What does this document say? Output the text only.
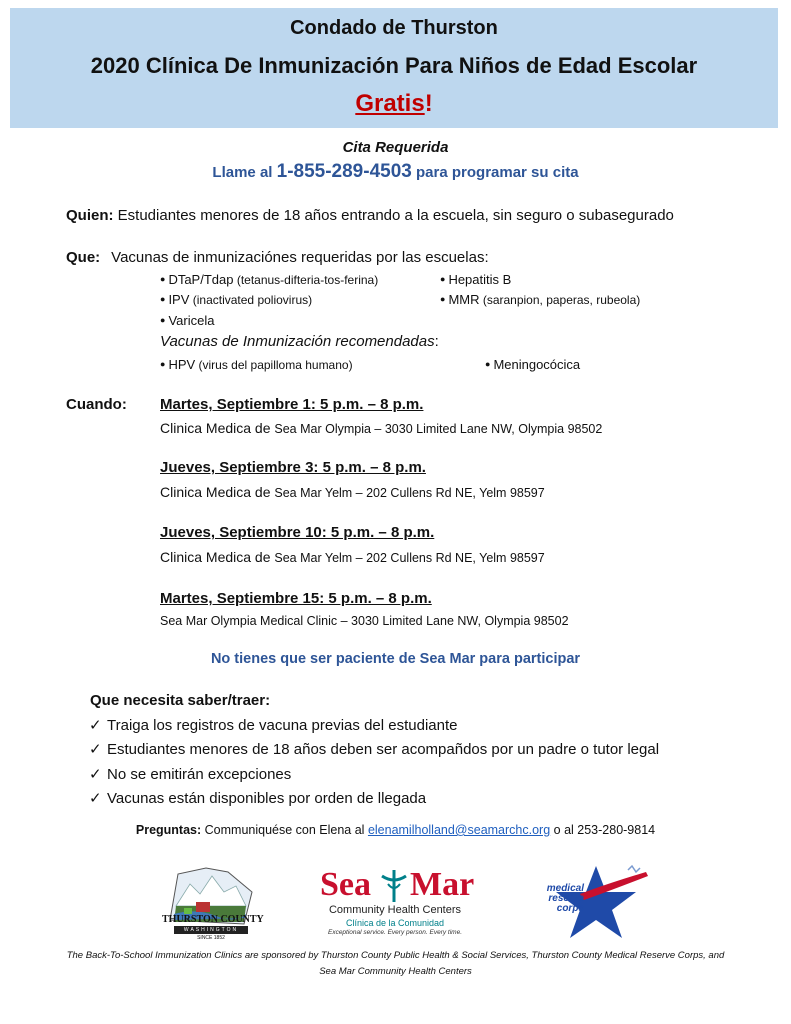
Condado de Thurston
2020 Clínica De Inmunización Para Niños de Edad Escolar
Gratis!
Cita Requerida
Llame al 1-855-289-4503 para programar su cita
Quien: Estudiantes menores de 18 años entrando a la escuela, sin seguro o subasegurado
Que: Vacunas de inmunizaciónes requeridas por las escuelas:
● DTaP/Tdap (tetanus-difteria-tos-ferina)	● Hepatitis B
● IPV (inactivated poliovirus)	● MMR (saranpion, paperas, rubeola)
● Varicela
Vacunas de Inmunización recomendadas:
● HPV (virus del papilloma humano)	● Meningocócica
Cuando: Martes, Septiembre 1: 5 p.m. – 8 p.m.
Clinica Medica de Sea Mar Olympia – 3030 Limited Lane NW, Olympia 98502
Jueves, Septiembre 3: 5 p.m. – 8 p.m.
Clinica Medica de Sea Mar Yelm – 202 Cullens Rd NE, Yelm 98597
Jueves, Septiembre 10: 5 p.m. – 8 p.m.
Clinica Medica de Sea Mar Yelm – 202 Cullens Rd NE, Yelm 98597
Martes, Septiembre 15: 5 p.m. – 8 p.m.
Sea Mar Olympia Medical Clinic – 3030 Limited Lane NW, Olympia 98502
No tienes que ser paciente de Sea Mar para participar
Que necesita saber/traer:
✓ Traiga los registros de vacuna previas del estudiante
✓ Estudiantes menores de 18 años deben ser acompañdos por un padre o tutor legal
✓ No se emitirán excepciones
✓ Vacunas están disponibles por orden de llegada
Preguntas: Communiquése con Elena al elenamilholland@seamarchc.org o al 253-280-9814
THURSTON COUNTY
WASHINGTON
SINCE 1852
Sea Mar
Community Health Centers
Clínica de la Comunidad
Exceptional service. Every person. Every time.
medical
reserve
corps
The Back-To-School Immunization Clinics are sponsored by Thurston County Public Health & Social Services, Thurston County Medical Reserve Corps, and Sea Mar Community Health Centers
